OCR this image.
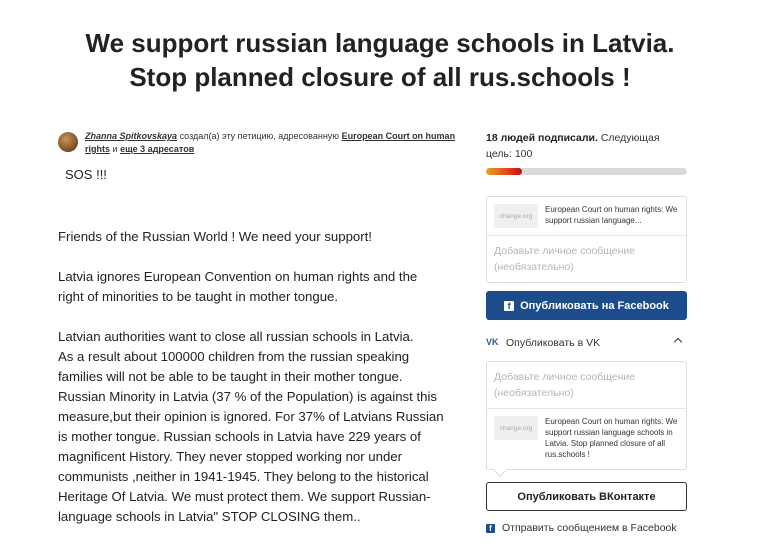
We support russian language schools in Latvia.
Stop planned closure of all rus.schools !
Zhanna Spitkovskaya создал(а) эту петицию, адресованную European Court on human rights и еще 3 адресатов
SOS !!!

Friends of the Russian World ! We need your support!

Latvia ignores European Convention on human rights and the
right of minorities to be taught in mother tongue.

Latvian authorities want to close all russian schools in Latvia.
As a result about 100000 children from the russian speaking
families will not be able to be taught in their mother tongue.
Russian Minority in Latvia (37 % of the Population) is against this
measure,but their opinion is ignored. For 37% of Latvians Russian
is mother tongue. Russian schools in Latvia have 229 years of
magnificent History. They never stopped working nor under
communists ,neither in 1941-1945. They belong to the historical
Heritage Of Latvia. We must protect them. We support Russian-
language schools in Latvia" STOP CLOSING them..

18 людей подписали. Следующая цель: 100
change.org
European Court on human rights: We support russian language...
Добавьте личное сообщение (необязательно)
f Опубликовать на Facebook
VK Опубликовать в VK
Добавьте личное сообщение (необязательно)
change.org
European Court on human rights: We support russian language schools in Latvia. Stop planned closure of all rus.schools !
Опубликовать ВКонтакте
f Отправить сообщением в Facebook
